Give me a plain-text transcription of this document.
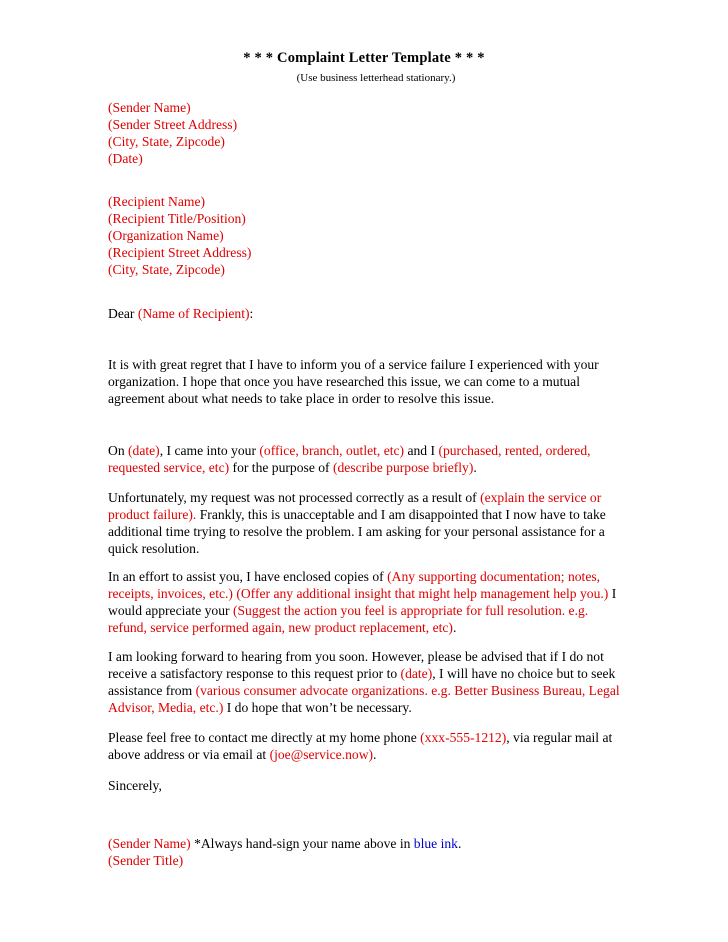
* * * Complaint Letter Template * * *
(Use business letterhead stationary.)
(Sender Name)
(Sender Street Address)
(City, State, Zipcode)
(Date)
(Recipient Name)
(Recipient Title/Position)
(Organization Name)
(Recipient Street Address)
(City, State, Zipcode)
Dear (Name of Recipient):
It is with great regret that I have to inform you of a service failure I experienced with your organization. I hope that once you have researched this issue, we can come to a mutual agreement about what needs to take place in order to resolve this issue.
On (date), I came into your (office, branch, outlet, etc) and I (purchased, rented, ordered, requested service, etc) for the purpose of (describe purpose briefly).
Unfortunately, my request was not processed correctly as a result of (explain the service or product failure). Frankly, this is unacceptable and I am disappointed that I now have to take additional time trying to resolve the problem. I am asking for your personal assistance for a quick resolution.
In an effort to assist you, I have enclosed copies of (Any supporting documentation; notes, receipts, invoices, etc.) (Offer any additional insight that might help management help you.) I would appreciate your (Suggest the action you feel is appropriate for full resolution. e.g. refund, service performed again, new product replacement, etc).
I am looking forward to hearing from you soon. However, please be advised that if I do not receive a satisfactory response to this request prior to (date), I will have no choice but to seek assistance from (various consumer advocate organizations. e.g. Better Business Bureau, Legal Advisor, Media, etc.) I do hope that won’t be necessary.
Please feel free to contact me directly at my home phone (xxx-555-1212), via regular mail at above address or via email at (joe@service.now).
Sincerely,
(Sender Name) *Always hand-sign your name above in blue ink.
(Sender Title)
